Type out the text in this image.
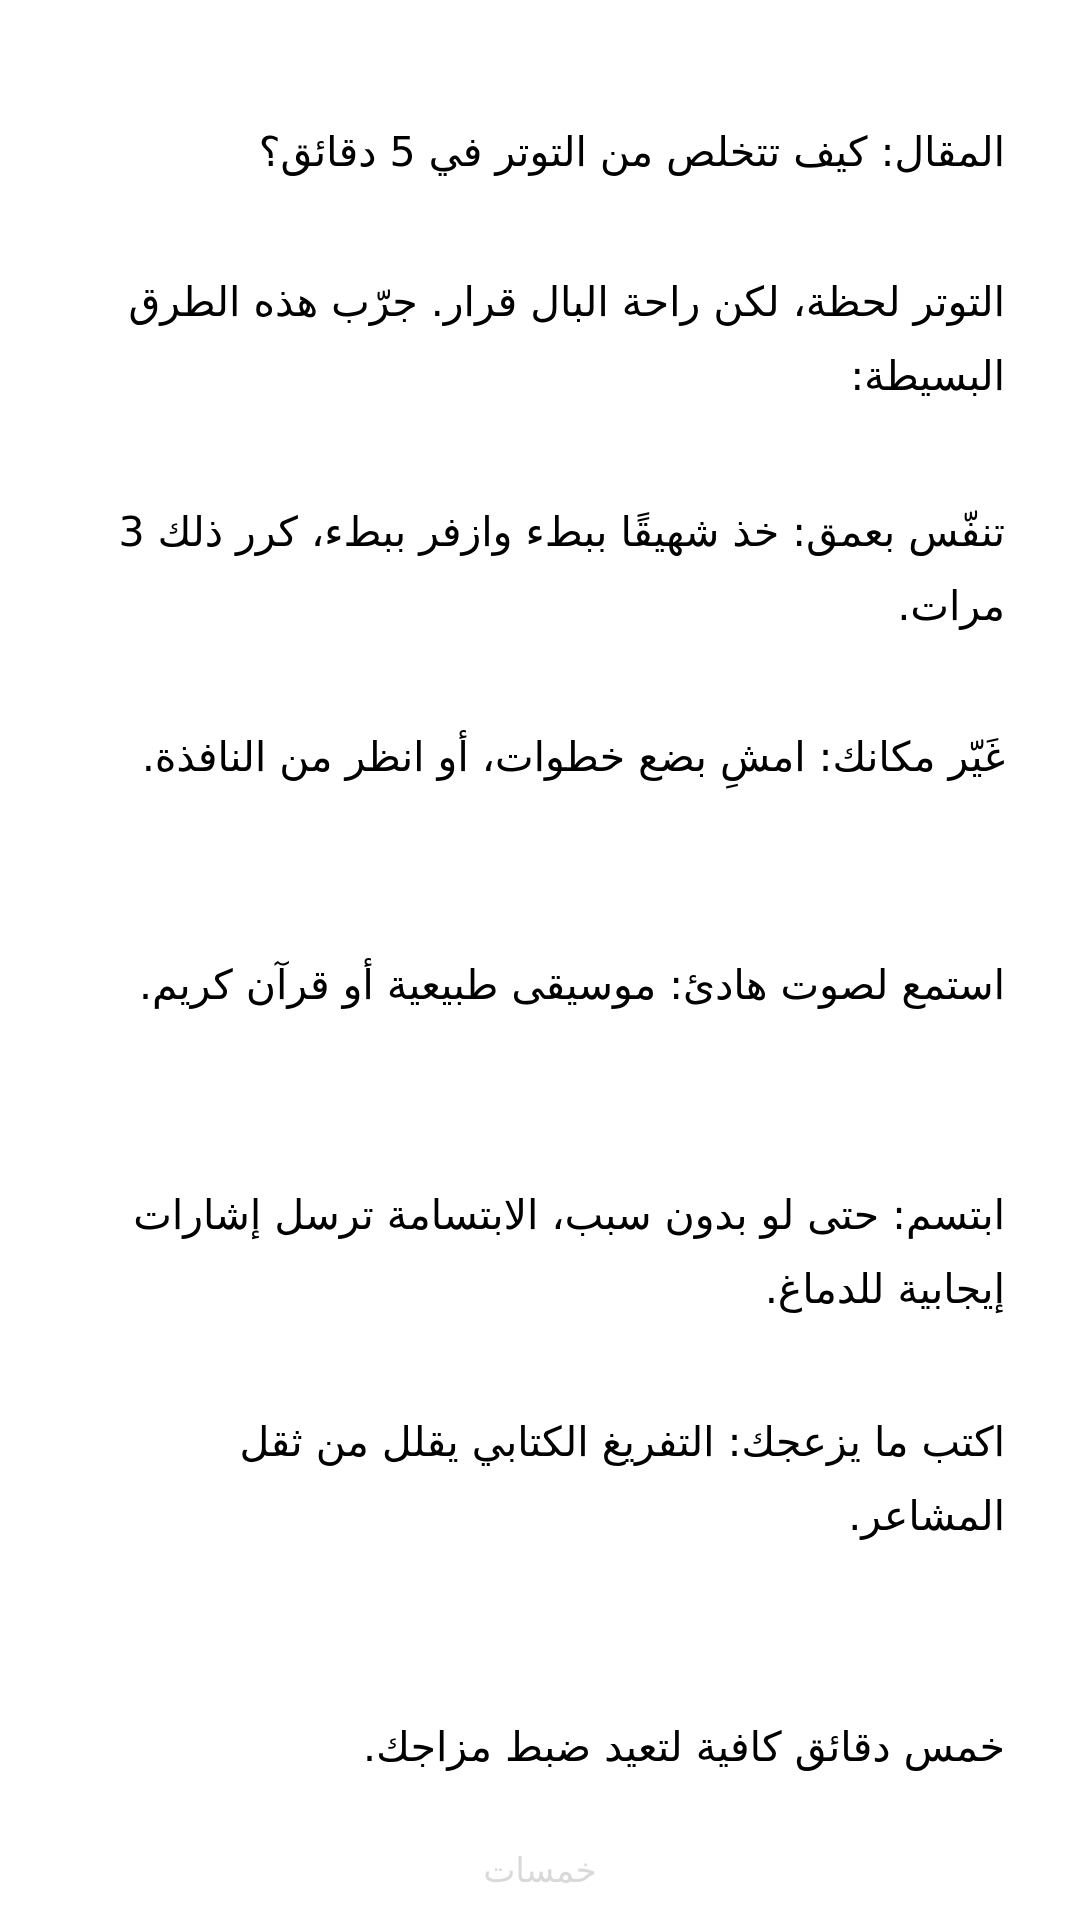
المقال: كيف تتخلص من التوتر في 5 دقائق؟

التوتر لحظة، لكن راحة البال قرار. جرّب هذه الطرق البسيطة:

تنفّس بعمق: خذ شهيقًا ببطء وازفر ببطء، كرر ذلك 3 مرات.

غَيّر مكانك: امشِ بضع خطوات، أو انظر من النافذة.

استمع لصوت هادئ: موسيقى طبيعية أو قرآن كريم.

ابتسم: حتى لو بدون سبب، الابتسامة ترسل إشارات إيجابية للدماغ.

اكتب ما يزعجك: التفريغ الكتابي يقلل من ثقل المشاعر.

خمس دقائق كافية لتعيد ضبط مزاجك.

خمسات
